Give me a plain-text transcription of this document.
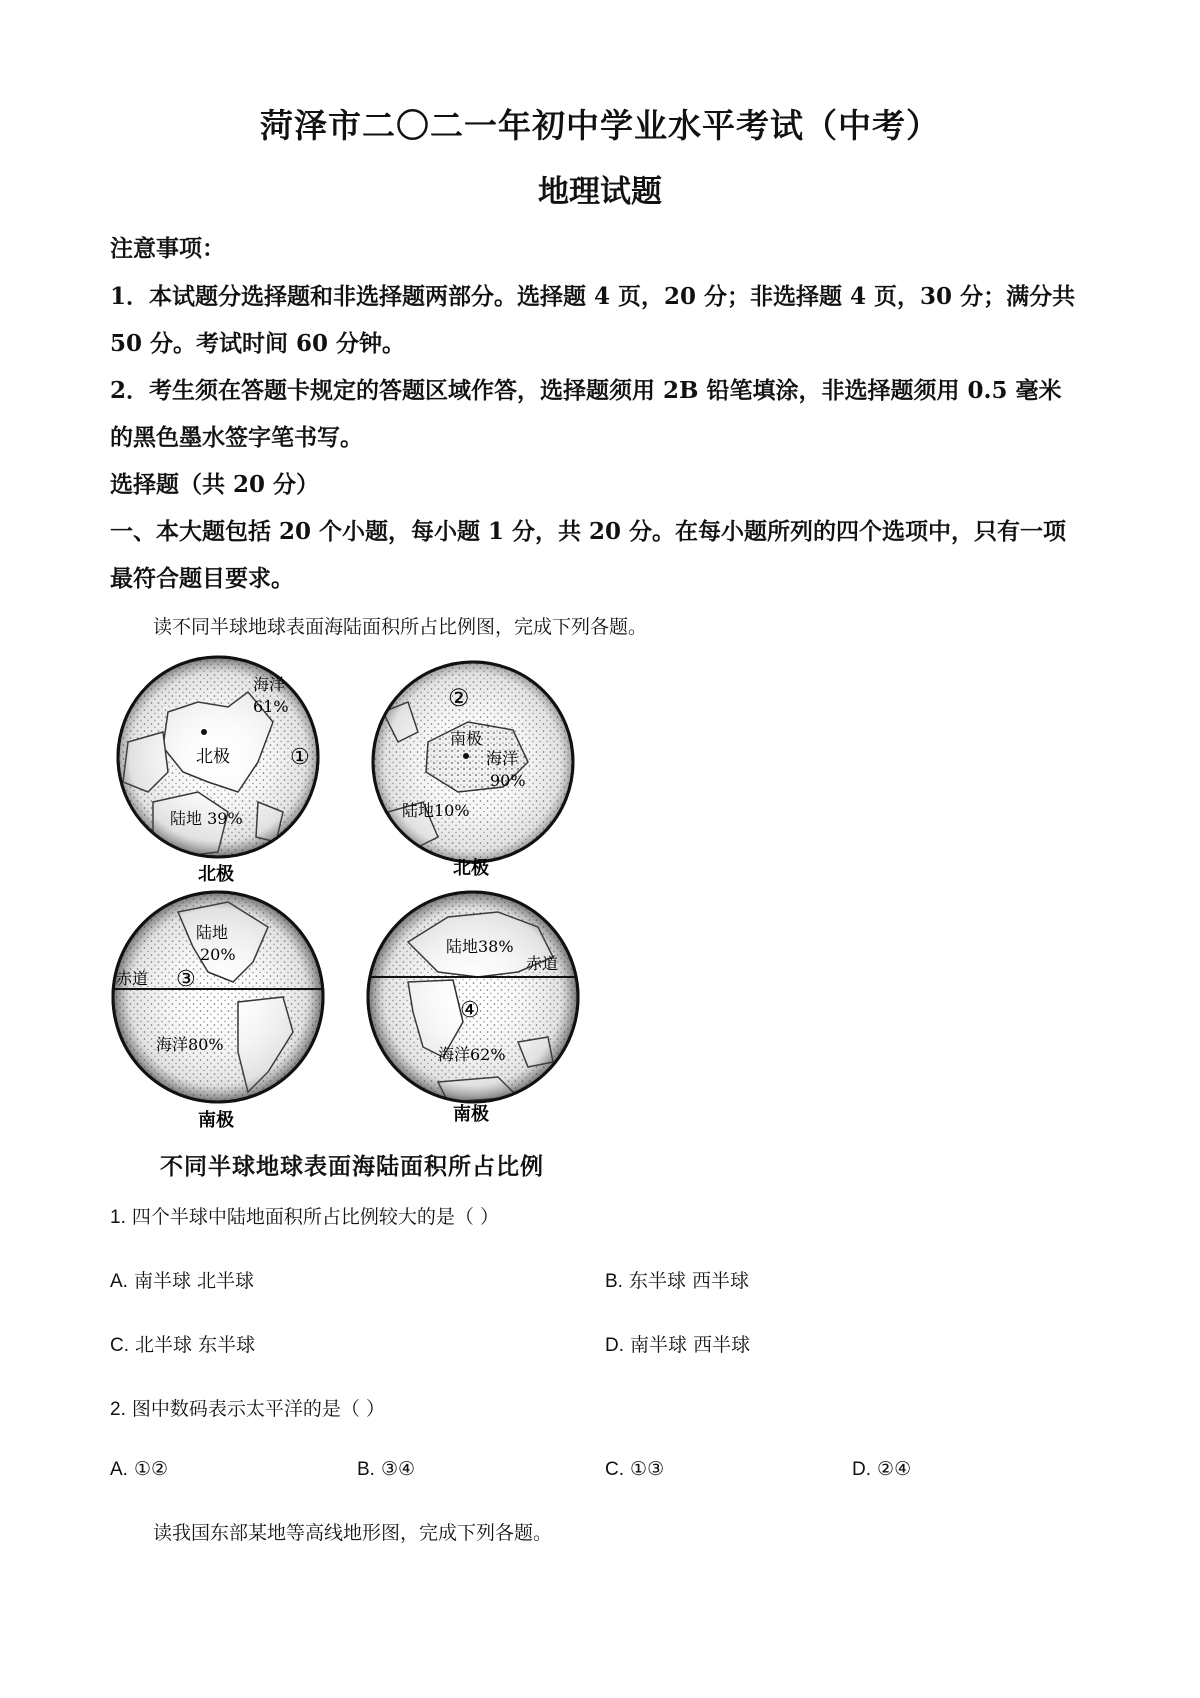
菏泽市二〇二一年初中学业水平考试（中考）
地理试题
注意事项：
1．本试题分选择题和非选择题两部分。选择题 4 页，20 分；非选择题 4 页，30 分；满分共
50 分。考试时间 60 分钟。
2．考生须在答题卡规定的答题区域作答，选择题须用 2B 铅笔填涂，非选择题须用 0.5 毫米
的黑色墨水签字笔书写。
选择题（共 20 分）
一、本大题包括 20 个小题，每小题 1 分，共 20 分。在每小题所列的四个选项中，只有一项
最符合题目要求。
读不同半球地球表面海陆面积所占比例图，完成下列各题。
海洋
61%
北极	①
陆地 39%
②
南极
海洋
90%
陆地10%
北极
陆地
20%
赤道 ③
海洋80%
南极
北极
陆地38%
赤道
④
海洋62%
南极
不同半球地球表面海陆面积所占比例
1. 四个半球中陆地面积所占比例较大的是（ ）
A. 南半球 北半球	B. 东半球 西半球
C. 北半球 东半球	D. 南半球 西半球
2. 图中数码表示太平洋的是（ ）
A. ①②	B. ③④	C. ①③	D. ②④
读我国东部某地等高线地形图，完成下列各题。
